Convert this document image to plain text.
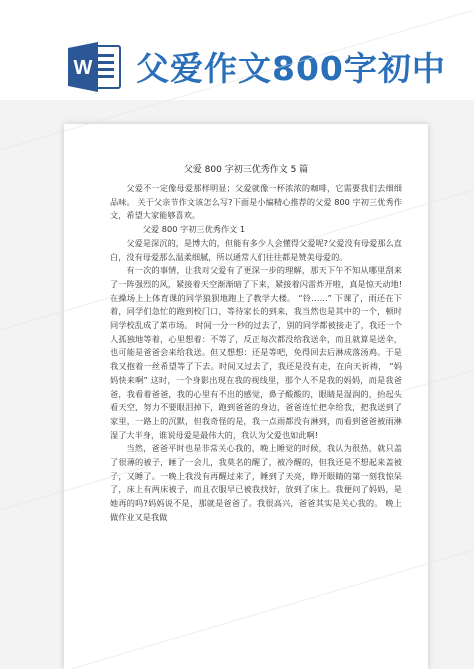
W 父爱作文800字初中
父爱 800 字初三优秀作文 5 篇

父爱不一定像母爱那样明显；父爱就像一杯浓浓的咖啡，它需要我们去细细品味。 关于父亲节作文该怎么写?下面是小编精心推荐的父爱 800 字初三优秀作文，希望大家能够喜欢。

父爱 800 字初三优秀作文 1

父爱是深沉的，是博大的，但能有多少人会懂得父爱呢?父爱没有母爱那么直白，没有母爱那么温柔细腻，所以通常人们往往都是赞美母爱的。

有一次的事情，让我对父爱有了更深一步的理解，那天下午不知从哪里刮来了一阵强烈的风，紧接着天空渐渐暗了下来，紧接着闪雷炸开啦，真是惊天动地!在操场上上体育课的同学狼狈地跑上了教学大楼。 “铃……” 下课了，雨还在下着，同学们急忙的跑到校门口，等待家长的到来，我当然也是其中的一个，顿时同学校乱成了菜市场。 时间一分一秒的过去了，别的同学都被接走了，我还一个人孤独地等着，心里想着：不等了，反正每次都没给我送伞，而且就算是送伞，也可能是爸爸会来给我送。但又想想：还是等吧，免得回去后淋成落汤鸡。于是我又抱着一丝希望等了下去。时间又过去了，我还是没有走，在向天祈祷， “妈妈快来啊” 这时，一个身影出现在我的视线里，那个人不是我的妈妈，而是我爸爸，我看着爸爸，我的心里有不出的感觉，鼻子酸酸的，眼睛是湿润的，抬起头看天空，努力不要眼泪掉下，跑到爸爸的身边，爸爸连忙把伞给我，把我送到了家里，一路上的沉默，但我奇怪的是，我一点雨都没有淋到，而看到爸爸被雨淋湿了大半身，谁说母爱是最伟大的，我认为父爱也如此啊!

当然，爸爸平时也是非常关心我的，晚上睡觉的时候，我认为很热，就只盖了很薄的被子，睡了一会儿，我莫名的醒了，被冷醒的，但我还是不想起来盖被子，又睡了。一晚上我没有再醒过来了，睡到了天亮，睁开眼睛的第一刻我惊呆了，床上有两床被子，而且衣服早已被我找好，放到了床上。我便问了妈妈，是她再的吗?妈妈说不是，那就是爸爸了。我很高兴，爸爸其实是关心我的。 晚上做作业又是我做
